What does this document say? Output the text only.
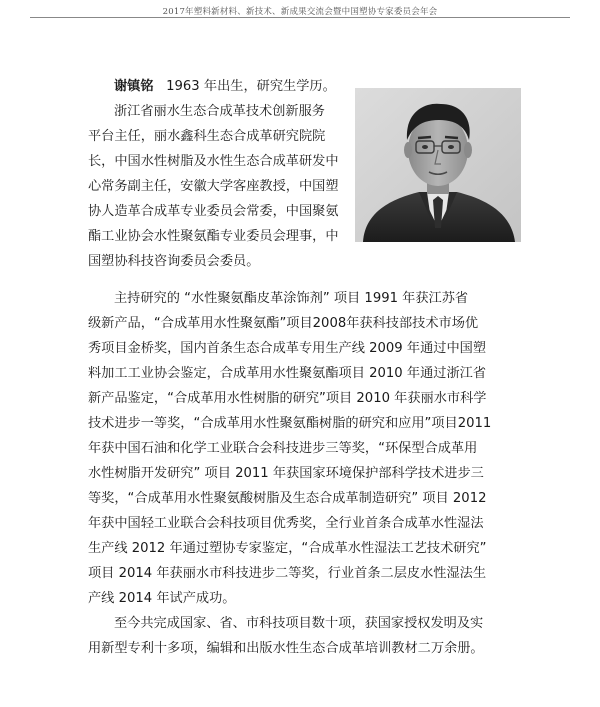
2017年塑料新材料、新技术、新成果交流会暨中国塑协专家委员会年会
谢镇铭 1963 年出生，研究生学历。
浙江省丽水生态合成革技术创新服务
平台主任，丽水鑫科生态合成革研究院院
长，中国水性树脂及水性生态合成革研发中
心常务副主任，安徽大学客座教授，中国塑
协人造革合成革专业委员会常委，中国聚氨
酯工业协会水性聚氨酯专业委员会理事，中
国塑协科技咨询委员会委员。
主持研究的 “水性聚氨酯皮革涂饰剂” 项目 1991 年获江苏省
级新产品，“合成革用水性聚氨酯”项目2008年获科技部技术市场优
秀项目金桥奖，国内首条生态合成革专用生产线 2009 年通过中国塑
料加工工业协会鉴定，合成革用水性聚氨酯项目 2010 年通过浙江省
新产品鉴定，“合成革用水性树脂的研究”项目 2010 年获丽水市科学
技术进步一等奖，“合成革用水性聚氨酯树脂的研究和应用”项目2011
年获中国石油和化学工业联合会科技进步三等奖，“环保型合成革用
水性树脂开发研究” 项目 2011 年获国家环境保护部科学技术进步三
等奖，“合成革用水性聚氨酸树脂及生态合成革制造研究” 项目 2012
年获中国轻工业联合会科技项目优秀奖，全行业首条合成革水性湿法
生产线 2012 年通过塑协专家鉴定，“合成革水性湿法工艺技术研究”
项目 2014 年获丽水市科技进步二等奖，行业首条二层皮水性湿法生
产线 2014 年试产成功。
至今共完成国家、省、市科技项目数十项，获国家授权发明及实
用新型专利十多项，编辑和出版水性生态合成革培训教材二万余册。
